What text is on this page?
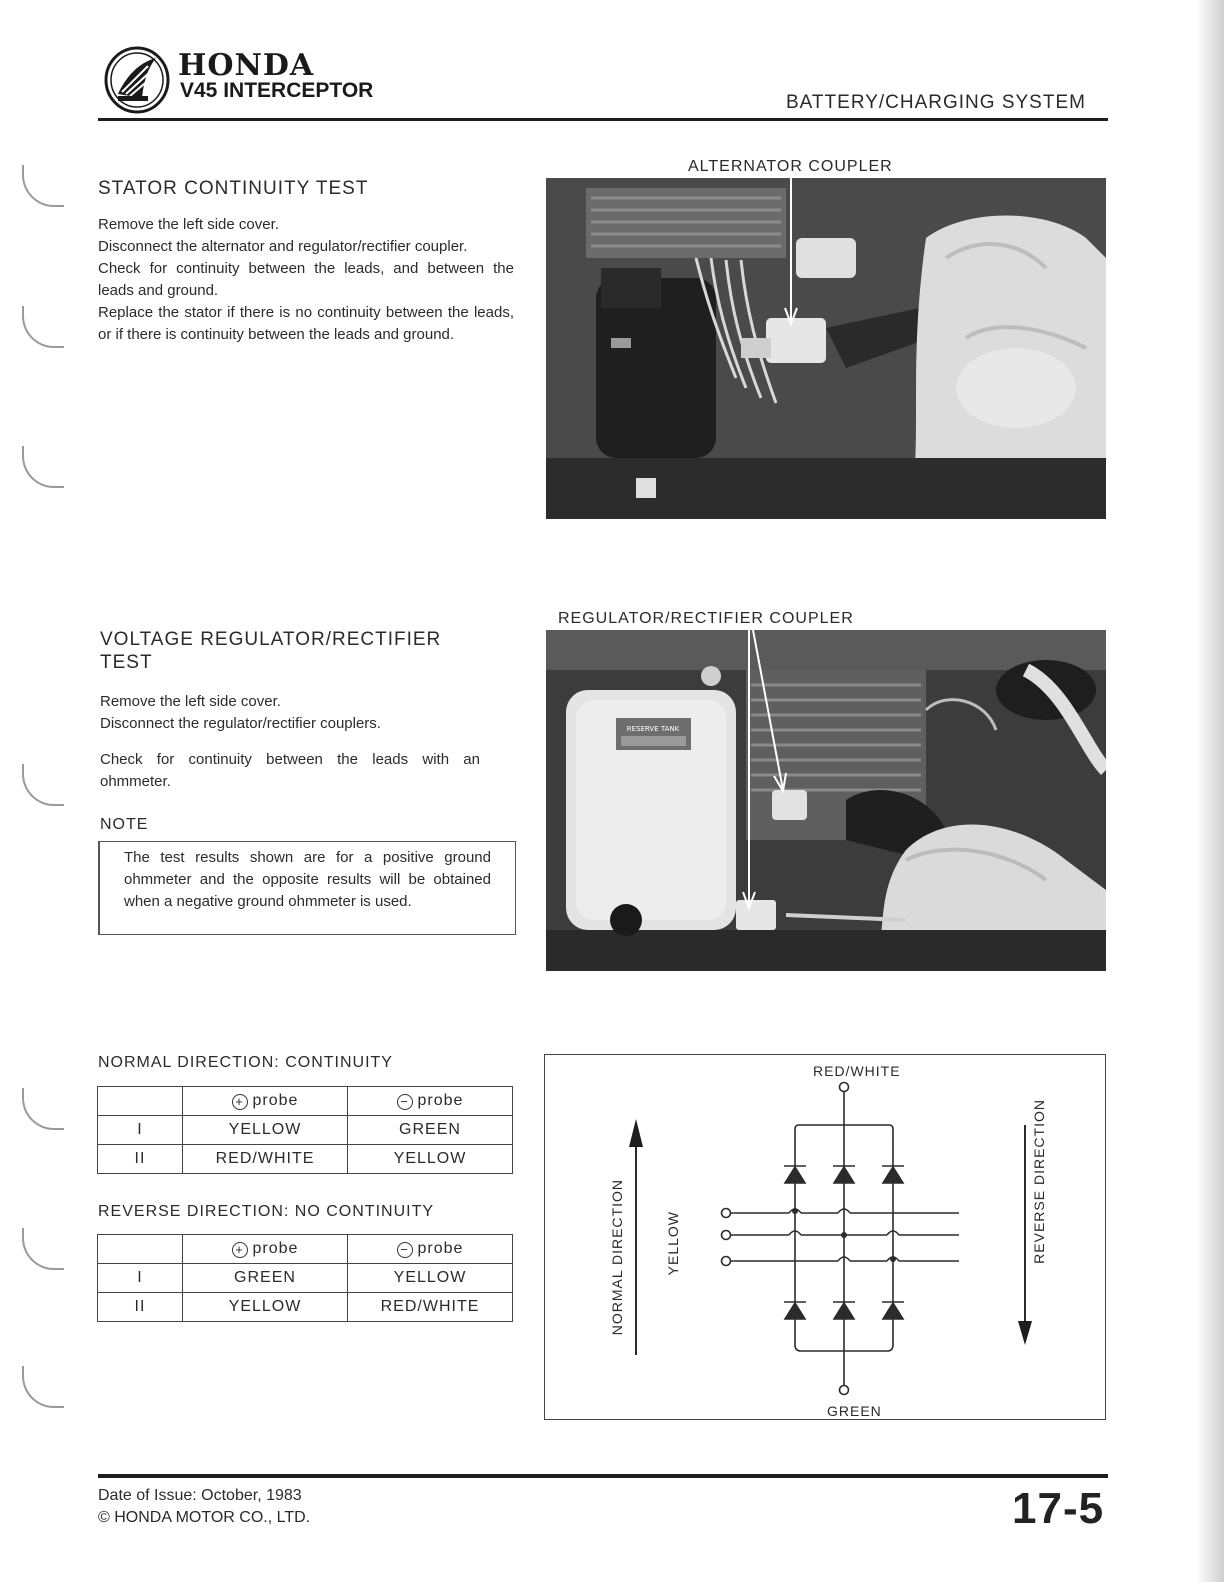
HONDA
V45 INTERCEPTOR
BATTERY/CHARGING SYSTEM
STATOR CONTINUITY TEST

Remove the left side cover.

Disconnect the alternator and regulator/rectifier coupler.

Check for continuity between the leads, and between the leads and ground.

Replace the stator if there is no continuity between the leads, or if there is continuity between the leads and ground.

ALTERNATOR COUPLER
VOLTAGE REGULATOR/RECTIFIER
TEST

Remove the left side cover.

Disconnect the regulator/rectifier couplers.

Check for continuity between the leads with an ohmmeter.

NOTE

The test results shown are for a positive ground ohmmeter and the opposite results will be obtained when a negative ground ohmmeter is used.

RESERVE TANK
REGULATOR/RECTIFIER COUPLER
NORMAL DIRECTION: CONTINUITY
	+ probe	− probe
I	YELLOW	GREEN
II	RED/WHITE	YELLOW
REVERSE DIRECTION: NO CONTINUITY
	+ probe	− probe
I	GREEN	YELLOW
II	YELLOW	RED/WHITE
RED/WHITE
GREEN
NORMAL DIRECTION	YELLOW	REVERSE DIRECTION
Date of Issue: October, 1983
© HONDA MOTOR CO., LTD.	17-5
